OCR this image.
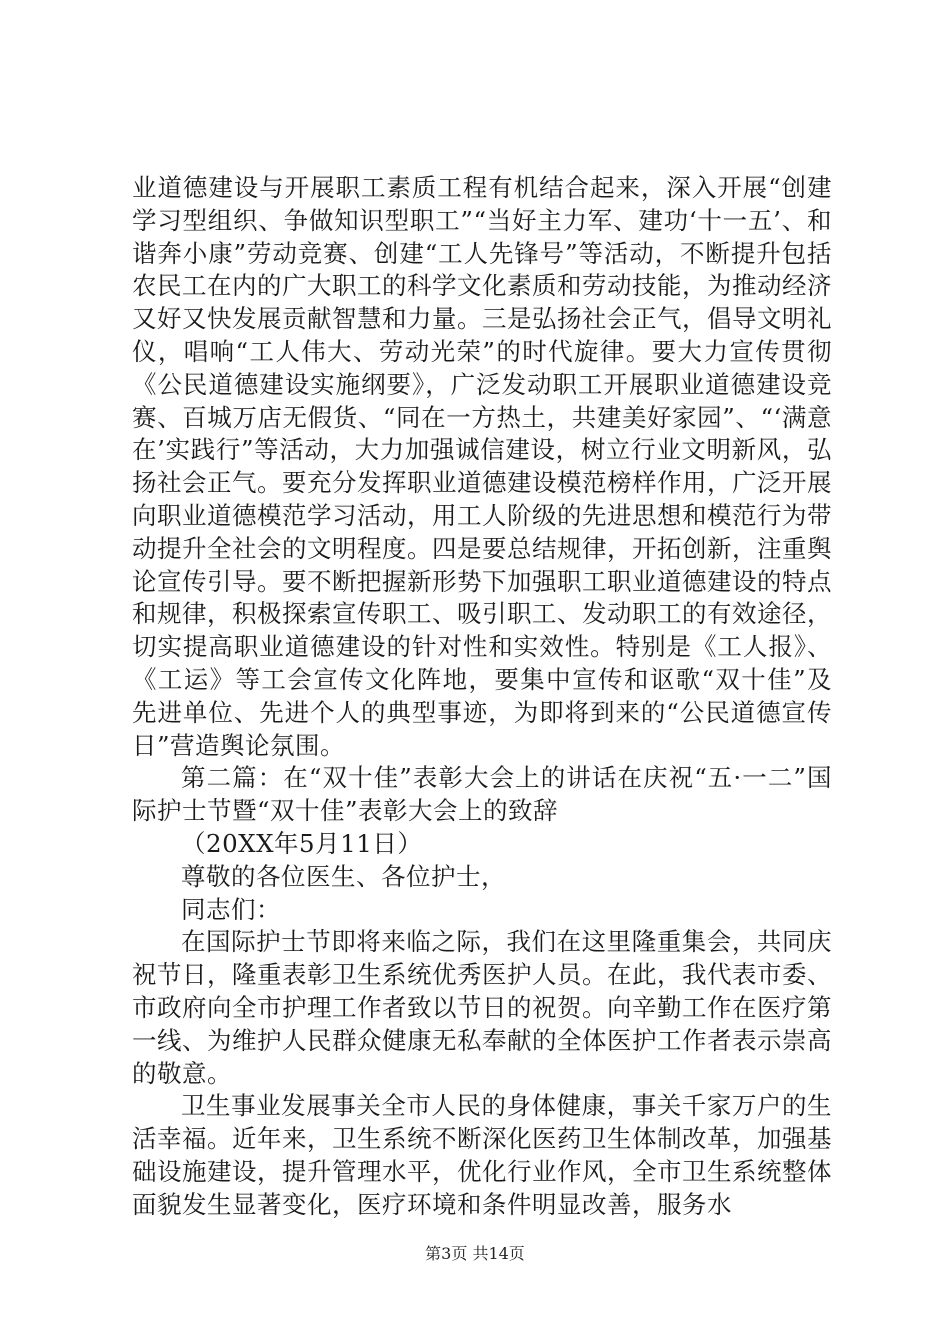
业道德建设与开展职工素质工程有机结合起来，深入开展“创建学习型组织、争做知识型职工”“当好主力军、建功‘十一五’、和谐奔小康”劳动竞赛、创建“工人先锋号”等活动，不断提升包括农民工在内的广大职工的科学文化素质和劳动技能，为推动经济又好又快发展贡献智慧和力量。三是弘扬社会正气，倡导文明礼仪，唱响“工人伟大、劳动光荣”的时代旋律。要大力宣传贯彻《公民道德建设实施纲要》，广泛发动职工开展职业道德建设竞赛、百城万店无假货、“同在一方热土，共建美好家园”、“‘满意在’实践行”等活动，大力加强诚信建设，树立行业文明新风，弘扬社会正气。要充分发挥职业道德建设模范榜样作用，广泛开展向职业道德模范学习活动，用工人阶级的先进思想和模范行为带动提升全社会的文明程度。四是要总结规律，开拓创新，注重舆论宣传引导。要不断把握新形势下加强职工职业道德建设的特点和规律，积极探索宣传职工、吸引职工、发动职工的有效途径，切实提高职业道德建设的针对性和实效性。特别是《工人报》、《工运》等工会宣传文化阵地，要集中宣传和讴歌“双十佳”及先进单位、先进个人的典型事迹，为即将到来的“公民道德宣传日”营造舆论氛围。

第二篇：在“双十佳”表彰大会上的讲话在庆祝“五·一二”国际护士节暨“双十佳”表彰大会上的致辞

（20XX年5月11日）

尊敬的各位医生、各位护士，

同志们：

在国际护士节即将来临之际，我们在这里隆重集会，共同庆祝节日，隆重表彰卫生系统优秀医护人员。在此，我代表市委、市政府向全市护理工作者致以节日的祝贺。向辛勤工作在医疗第一线、为维护人民群众健康无私奉献的全体医护工作者表示崇高的敬意。

卫生事业发展事关全市人民的身体健康，事关千家万户的生活幸福。近年来，卫生系统不断深化医药卫生体制改革，加强基础设施建设，提升管理水平，优化行业作风，全市卫生系统整体面貌发生显著变化，医疗环境和条件明显改善，服务水

第3页 共14页
